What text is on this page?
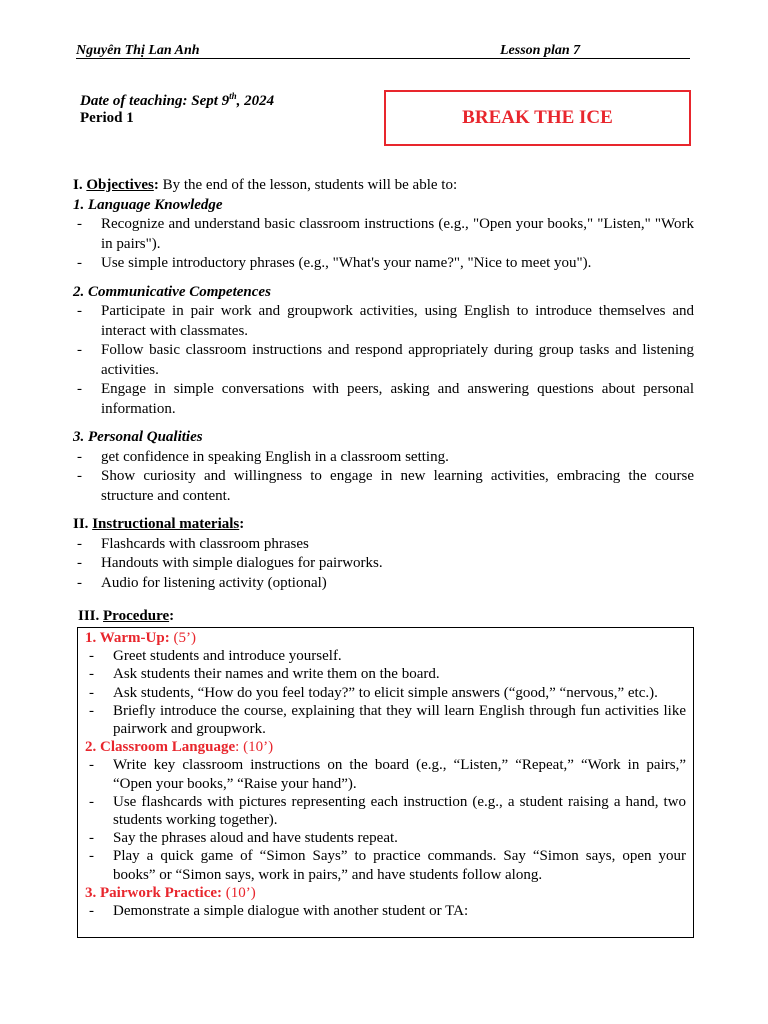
Nguyên Thị Lan Anh	Lesson plan 7
Date of teaching: Sept 9th, 2024
Period 1	BREAK THE ICE

I. Objectives: By the end of the lesson, students will be able to:

1. Language Knowledge

- Recognize and understand basic classroom instructions (e.g., "Open your books," "Listen," "Work in pairs").
- Use simple introductory phrases (e.g., "What's your name?", "Nice to meet you").

2. Communicative Competences

- Participate in pair work and groupwork activities, using English to introduce themselves and interact with classmates.
- Follow basic classroom instructions and respond appropriately during group tasks and listening activities.
- Engage in simple conversations with peers, asking and answering questions about personal information.

3. Personal Qualities

- get confidence in speaking English in a classroom setting.
- Show curiosity and willingness to engage in new learning activities, embracing the course structure and content.

II. Instructional materials:

- Flashcards with classroom phrases
- Handouts with simple dialogues for pairworks.
- Audio for listening activity (optional)
III. Procedure:
1. Warm-Up: (5’)
- Greet students and introduce yourself.
- Ask students their names and write them on the board.
- Ask students, “How do you feel today?” to elicit simple answers (“good,” “nervous,” etc.).
- Briefly introduce the course, explaining that they will learn English through fun activities like pairwork and groupwork.
2. Classroom Language: (10’)
- Write key classroom instructions on the board (e.g., “Listen,” “Repeat,” “Work in pairs,” “Open your books,” “Raise your hand”).
- Use flashcards with pictures representing each instruction (e.g., a student raising a hand, two students working together).
- Say the phrases aloud and have students repeat.
- Play a quick game of “Simon Says” to practice commands. Say “Simon says, open your books” or “Simon says, work in pairs,” and have students follow along.
3. Pairwork Practice: (10’)
- Demonstrate a simple dialogue with another student or TA:
